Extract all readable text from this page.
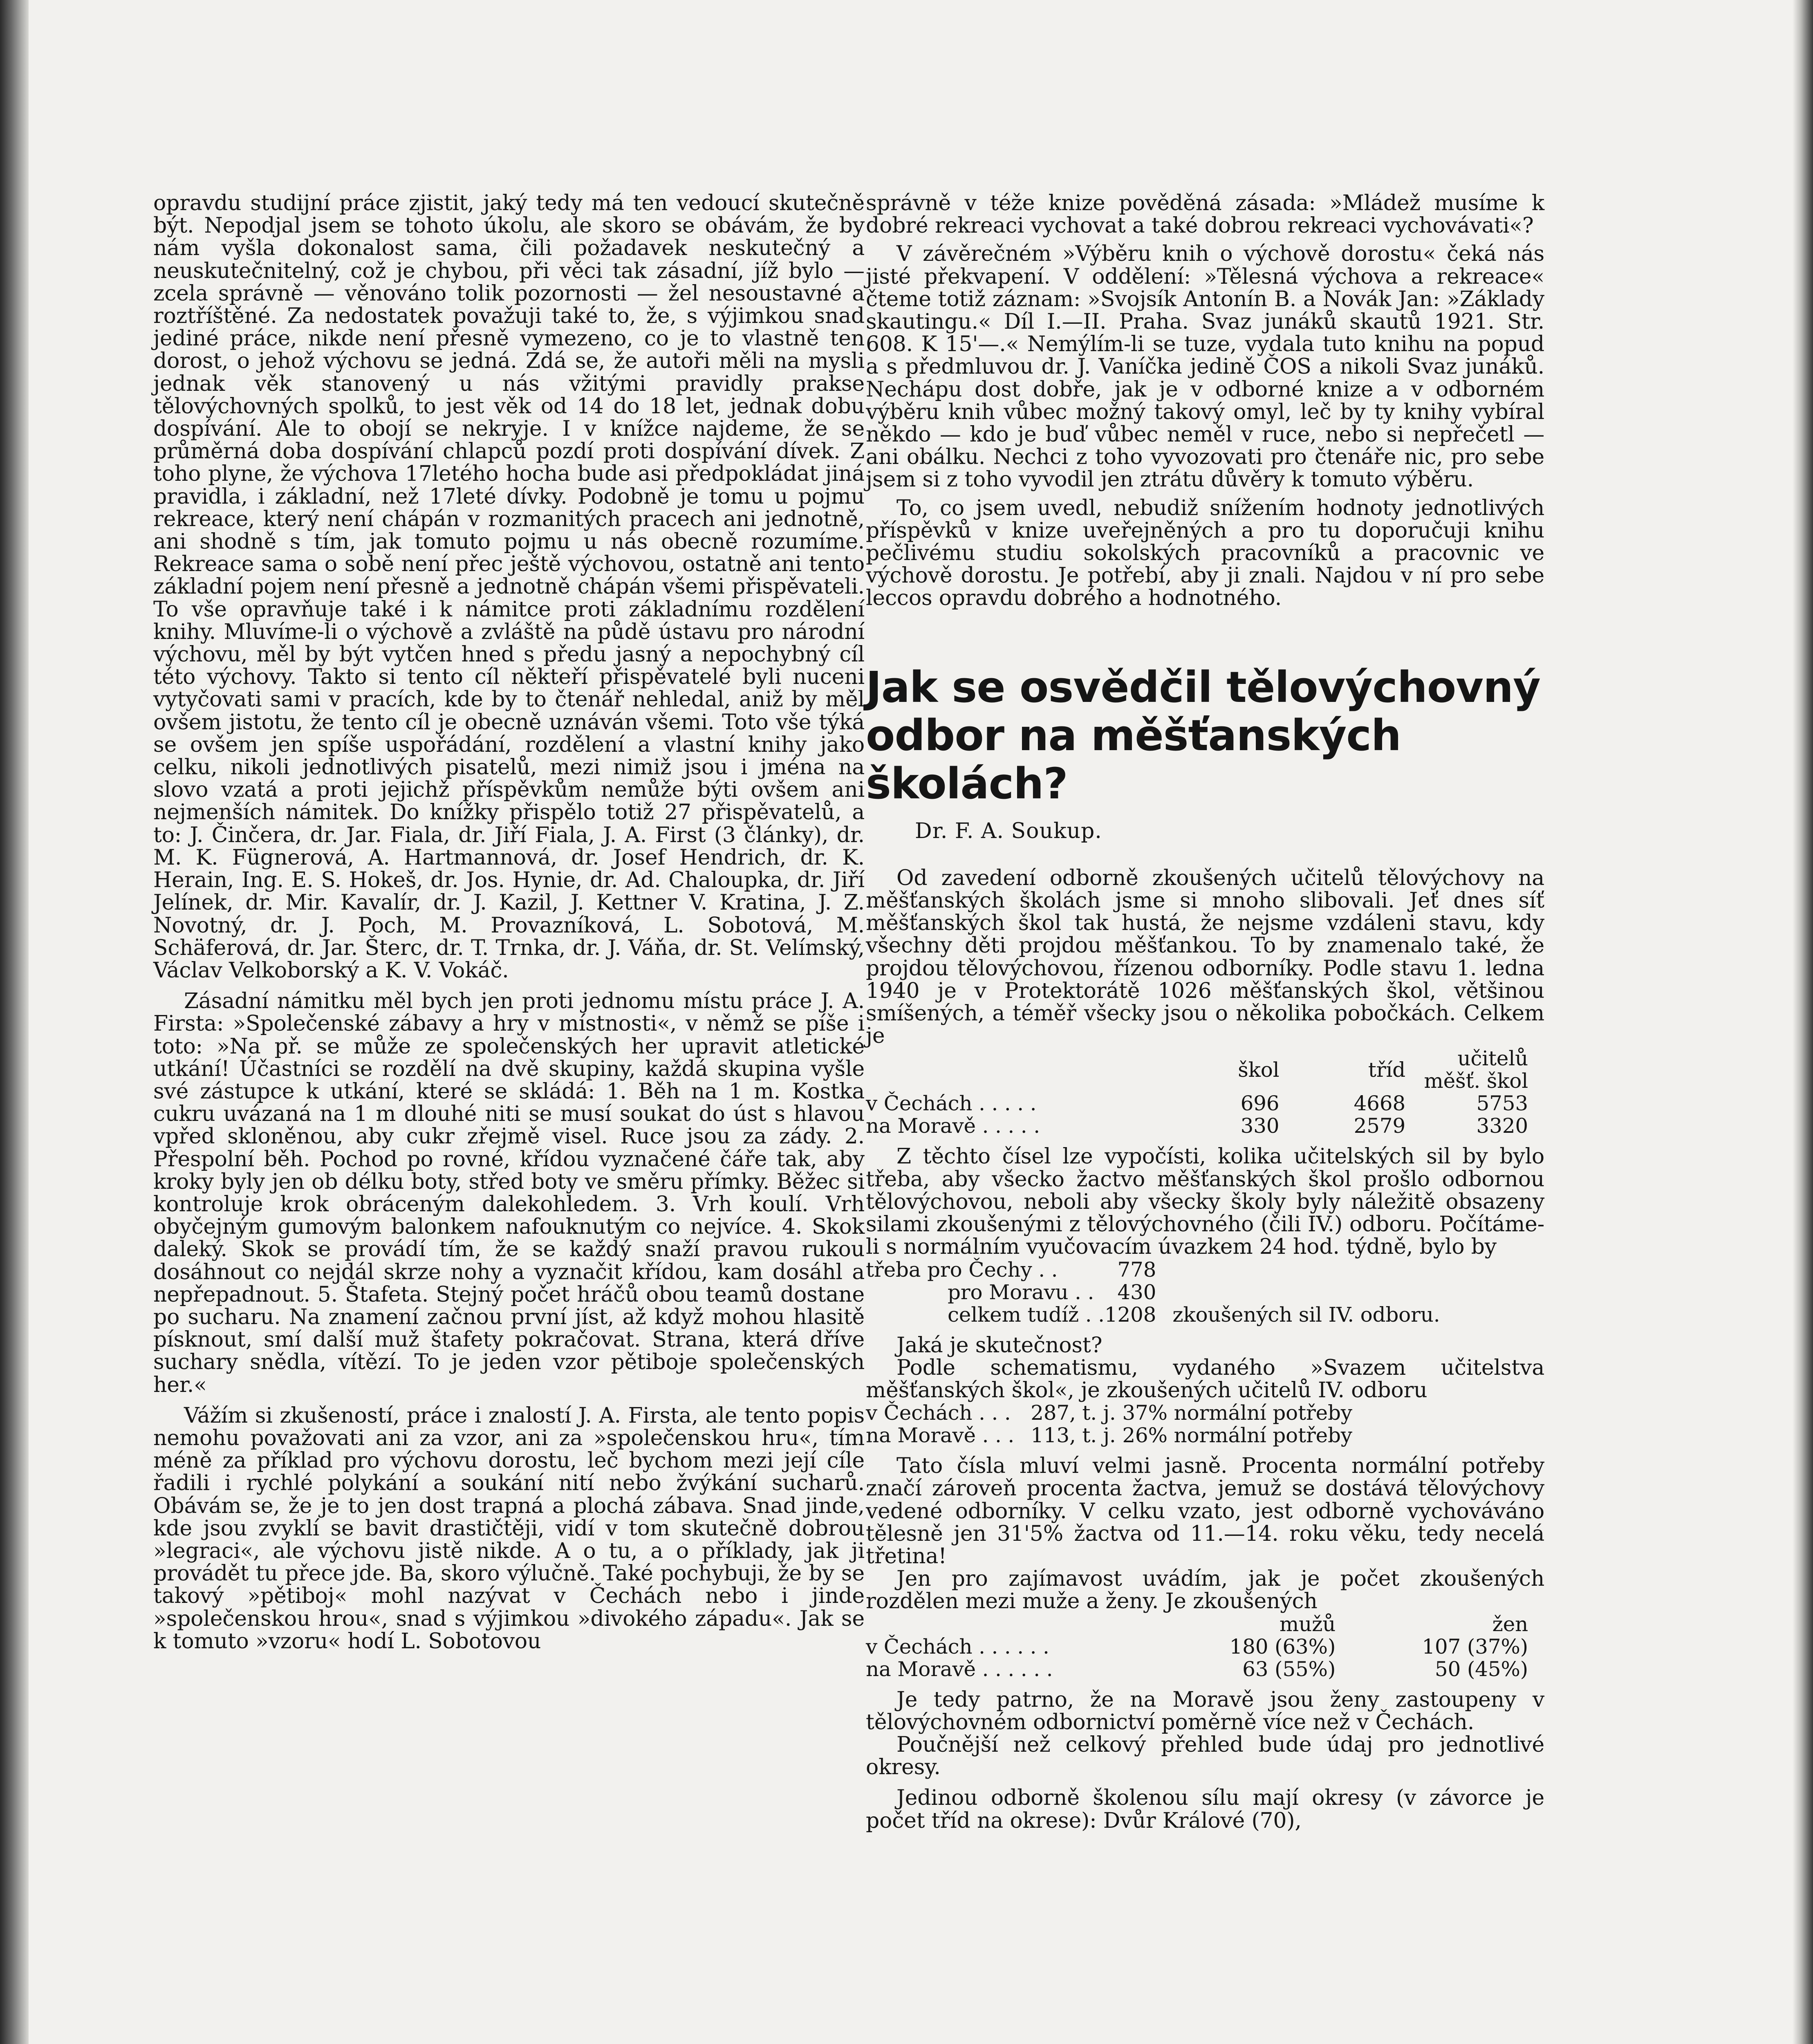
opravdu studijní práce zjistit, jaký tedy má ten vedoucí skutečně být. Nepodjal jsem se tohoto úkolu, ale skoro se obávám, že by nám vyšla dokonalost sama, čili požadavek neskutečný a neuskutečnitelný, což je chybou, při věci tak zásadní, jíž bylo — zcela správně — věnováno tolik pozornosti — žel nesoustavné a roztříštěné. Za nedostatek považuji také to, že, s výjimkou snad jediné práce, nikde není přesně vymezeno, co je to vlastně ten dorost, o jehož výchovu se jedná. Zdá se, že autoři měli na mysli jednak věk stanovený u nás vžitými pravidly prakse tělovýchovných spolků, to jest věk od 14 do 18 let, jednak dobu dospívání. Ale to obojí se nekryje. I v knížce najdeme, že se průměrná doba dospívání chlapců pozdí proti dospívání dívek. Z toho plyne, že výchova 17letého hocha bude asi předpokládat jiná pravidla, i základní, než 17leté dívky. Podobně je tomu u pojmu rekreace, který není chápán v rozmanitých pracech ani jednotně, ani shodně s tím, jak tomuto pojmu u nás obecně rozumíme. Rekreace sama o sobě není přec ještě výchovou, ostatně ani tento základní pojem není přesně a jednotně chápán všemi přispěvateli. To vše opravňuje také i k námitce proti základnímu rozdělení knihy. Mluvíme-li o výchově a zvláště na půdě ústavu pro národní výchovu, měl by být vytčen hned s předu jasný a nepochybný cíl této výchovy. Takto si tento cíl někteří přispěvatelé byli nuceni vytyčovati sami v pracích, kde by to čtenář nehledal, aniž by měl ovšem jistotu, že tento cíl je obecně uznáván všemi. Toto vše týká se ovšem jen spíše uspořádání, rozdělení a vlastní knihy jako celku, nikoli jednotlivých pisatelů, mezi nimiž jsou i jména na slovo vzatá a proti jejichž příspěvkům nemůže býti ovšem ani nejmenších námitek. Do knížky přispělo totiž 27 přispěvatelů, a to: J. Činčera, dr. Jar. Fiala, dr. Jiří Fiala, J. A. First (3 články), dr. M. K. Fügnerová, A. Hartmannová, dr. Josef Hendrich, dr. K. Herain, Ing. E. S. Hokeš, dr. Jos. Hynie, dr. Ad. Chaloupka, dr. Jiří Jelínek, dr. Mir. Kavalír, dr. J. Kazil, J. Kettner V. Kratina, J. Z. Novotný, dr. J. Poch, M. Provazníková, L. Sobotová, M. Schäferová, dr. Jar. Šterc, dr. T. Trnka, dr. J. Váňa, dr. St. Velímský, Václav Velkoborský a K. V. Vokáč.

Zásadní námitku měl bych jen proti jednomu místu práce J. A. Firsta: »Společenské zábavy a hry v místnosti«, v němž se píše i toto: »Na př. se může ze společenských her upravit atletické utkání! Účastníci se rozdělí na dvě skupiny, každá skupina vyšle své zástupce k utkání, které se skládá: 1. Běh na 1 m. Kostka cukru uvázaná na 1 m dlouhé niti se musí soukat do úst s hlavou vpřed skloněnou, aby cukr zřejmě visel. Ruce jsou za zády. 2. Přespolní běh. Pochod po rovné, křídou vyznačené čáře tak, aby kroky byly jen ob délku boty, střed boty ve směru přímky. Běžec si kontroluje krok obráceným dalekohledem. 3. Vrh koulí. Vrh obyčejným gumovým balonkem nafouknutým co nejvíce. 4. Skok daleký. Skok se provádí tím, že se každý snaží pravou rukou dosáhnout co nejdál skrze nohy a vyznačit křídou, kam dosáhl a nepřepadnout. 5. Štafeta. Stejný počet hráčů obou teamů dostane po sucharu. Na znamení začnou první jíst, až když mohou hlasitě písknout, smí další muž štafety pokračovat. Strana, která dříve suchary snědla, vítězí. To je jeden vzor pětiboje společenských her.«

Vážím si zkušeností, práce i znalostí J. A. Firsta, ale tento popis nemohu považovati ani za vzor, ani za »společenskou hru«, tím méně za příklad pro výchovu dorostu, leč bychom mezi její cíle řadili i rychlé polykání a soukání nití nebo žvýkání sucharů. Obávám se, že je to jen dost trapná a plochá zábava. Snad jinde, kde jsou zvyklí se bavit drastičtěji, vidí v tom skutečně dobrou »legraci«, ale výchovu jistě nikde. A o tu, a o příklady, jak ji provádět tu přece jde. Ba, skoro výlučně. Také pochybuji, že by se takový »pětiboj« mohl nazývat v Čechách nebo i jinde »společenskou hrou«, snad s výjimkou »divokého západu«. Jak se k tomuto »vzoru« hodí L. Sobotovou

správně v téže knize pověděná zásada: »Mládež musíme k dobré rekreaci vychovat a také dobrou rekreaci vychovávati«?

V závěrečném »Výběru knih o výchově dorostu« čeká nás jisté překvapení. V oddělení: »Tělesná výchova a rekreace« čteme totiž záznam: »Svojsík Antonín B. a Novák Jan: »Základy skautingu.« Díl I.—II. Praha. Svaz junáků skautů 1921. Str. 608. K 15'—.« Nemýlím-li se tuze, vydala tuto knihu na popud a s předmluvou dr. J. Vaníčka jedině ČOS a nikoli Svaz junáků. Nechápu dost dobře, jak je v odborné knize a v odborném výběru knih vůbec možný takový omyl, leč by ty knihy vybíral někdo — kdo je buď vůbec neměl v ruce, nebo si nepřečetl — ani obálku. Nechci z toho vyvozovati pro čtenáře nic, pro sebe jsem si z toho vyvodil jen ztrátu důvěry k tomuto výběru.

To, co jsem uvedl, nebudiž snížením hodnoty jednotlivých příspěvků v knize uveřejněných a pro tu doporučuji knihu pečlivému studiu sokolských pracovníků a pracovnic ve výchově dorostu. Je potřebí, aby ji znali. Najdou v ní pro sebe leccos opravdu dobrého a hodnotného.

Jak se osvědčil tělovýchovný odbor na měšťanských školách?
Dr. F. A. Soukup.

Od zavedení odborně zkoušených učitelů tělovýchovy na měšťanských školách jsme si mnoho slibovali. Jeť dnes síť měšťanských škol tak hustá, že nejsme vzdáleni stavu, kdy všechny děti projdou měšťankou. To by znamenalo také, že projdou tělovýchovou, řízenou odborníky. Podle stavu 1. ledna 1940 je v Protektorátě 1026 měšťanských škol, většinou smíšených, a téměř všecky jsou o několika pobočkách. Celkem je

	škol	tříd	učitelů měšť. škol
v Čechách . . . . .	696	4668	5753
na Moravě . . . . .	330	2579	3320

Z těchto čísel lze vypočísti, kolika učitelských sil by bylo třeba, aby všecko žactvo měšťanských škol prošlo odbornou tělovýchovou, neboli aby všecky školy byly náležitě obsazeny silami zkoušenými z tělovýchovného (čili IV.) odboru. Počítáme-li s normálním vyučovacím úvazkem 24 hod. týdně, bylo by

třeba pro Čechy . .	778	
pro Moravu . .	430	
celkem tudíž . .	1208	zkoušených sil IV. odboru.

Jaká je skutečnost?

Podle schematismu, vydaného »Svazem učitelstva měšťanských škol«, je zkoušených učitelů IV. odboru

v Čechách . . .	287, t. j. 37% normální potřeby
na Moravě . . .	113, t. j. 26% normální potřeby

Tato čísla mluví velmi jasně. Procenta normální potřeby značí zároveň procenta žactva, jemuž se dostává tělovýchovy vedené odborníky. V celku vzato, jest odborně vychováváno tělesně jen 31'5% žactva od 11.—14. roku věku, tedy necelá třetina!

Jen pro zajímavost uvádím, jak je počet zkoušených rozdělen mezi muže a ženy. Je zkoušených

	mužů	žen
v Čechách . . . . . .	180 (63%)	107 (37%)
na Moravě . . . . . .	63 (55%)	50 (45%)

Je tedy patrno, že na Moravě jsou ženy zastoupeny v tělovýchovném odbornictví poměrně více než v Čechách.

Poučnější než celkový přehled bude údaj pro jednotlivé okresy.

Jedinou odborně školenou sílu mají okresy (v závorce je počet tříd na okrese): Dvůr Králové (70),
